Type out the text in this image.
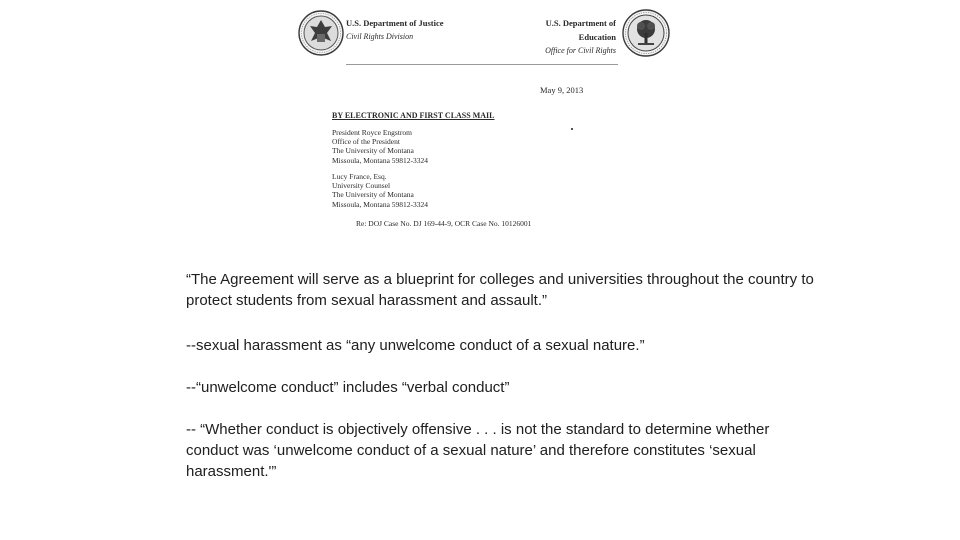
U.S. Department of Justice
Civil Rights Division
U.S. Department of Education
Office for Civil Rights
May 9, 2013
BY ELECTRONIC AND FIRST CLASS MAIL
President Royce Engstrom
Office of the President
The University of Montana
Missoula, Montana 59812-3324
Lucy France, Esq.
University Counsel
The University of Montana
Missoula, Montana 59812-3324
Re: DOJ Case No. DJ 169-44-9, OCR Case No. 10126001

“The Agreement will serve as a blueprint for colleges and universities throughout the country to protect students from sexual harassment and assault.”

--sexual harassment as “any unwelcome conduct of a sexual nature.”

--“unwelcome conduct” includes “verbal conduct”

-- “Whether conduct is objectively offensive . . . is not the standard to determine whether conduct was ‘unwelcome conduct of a sexual nature’ and therefore constitutes ‘sexual harassment.'”
